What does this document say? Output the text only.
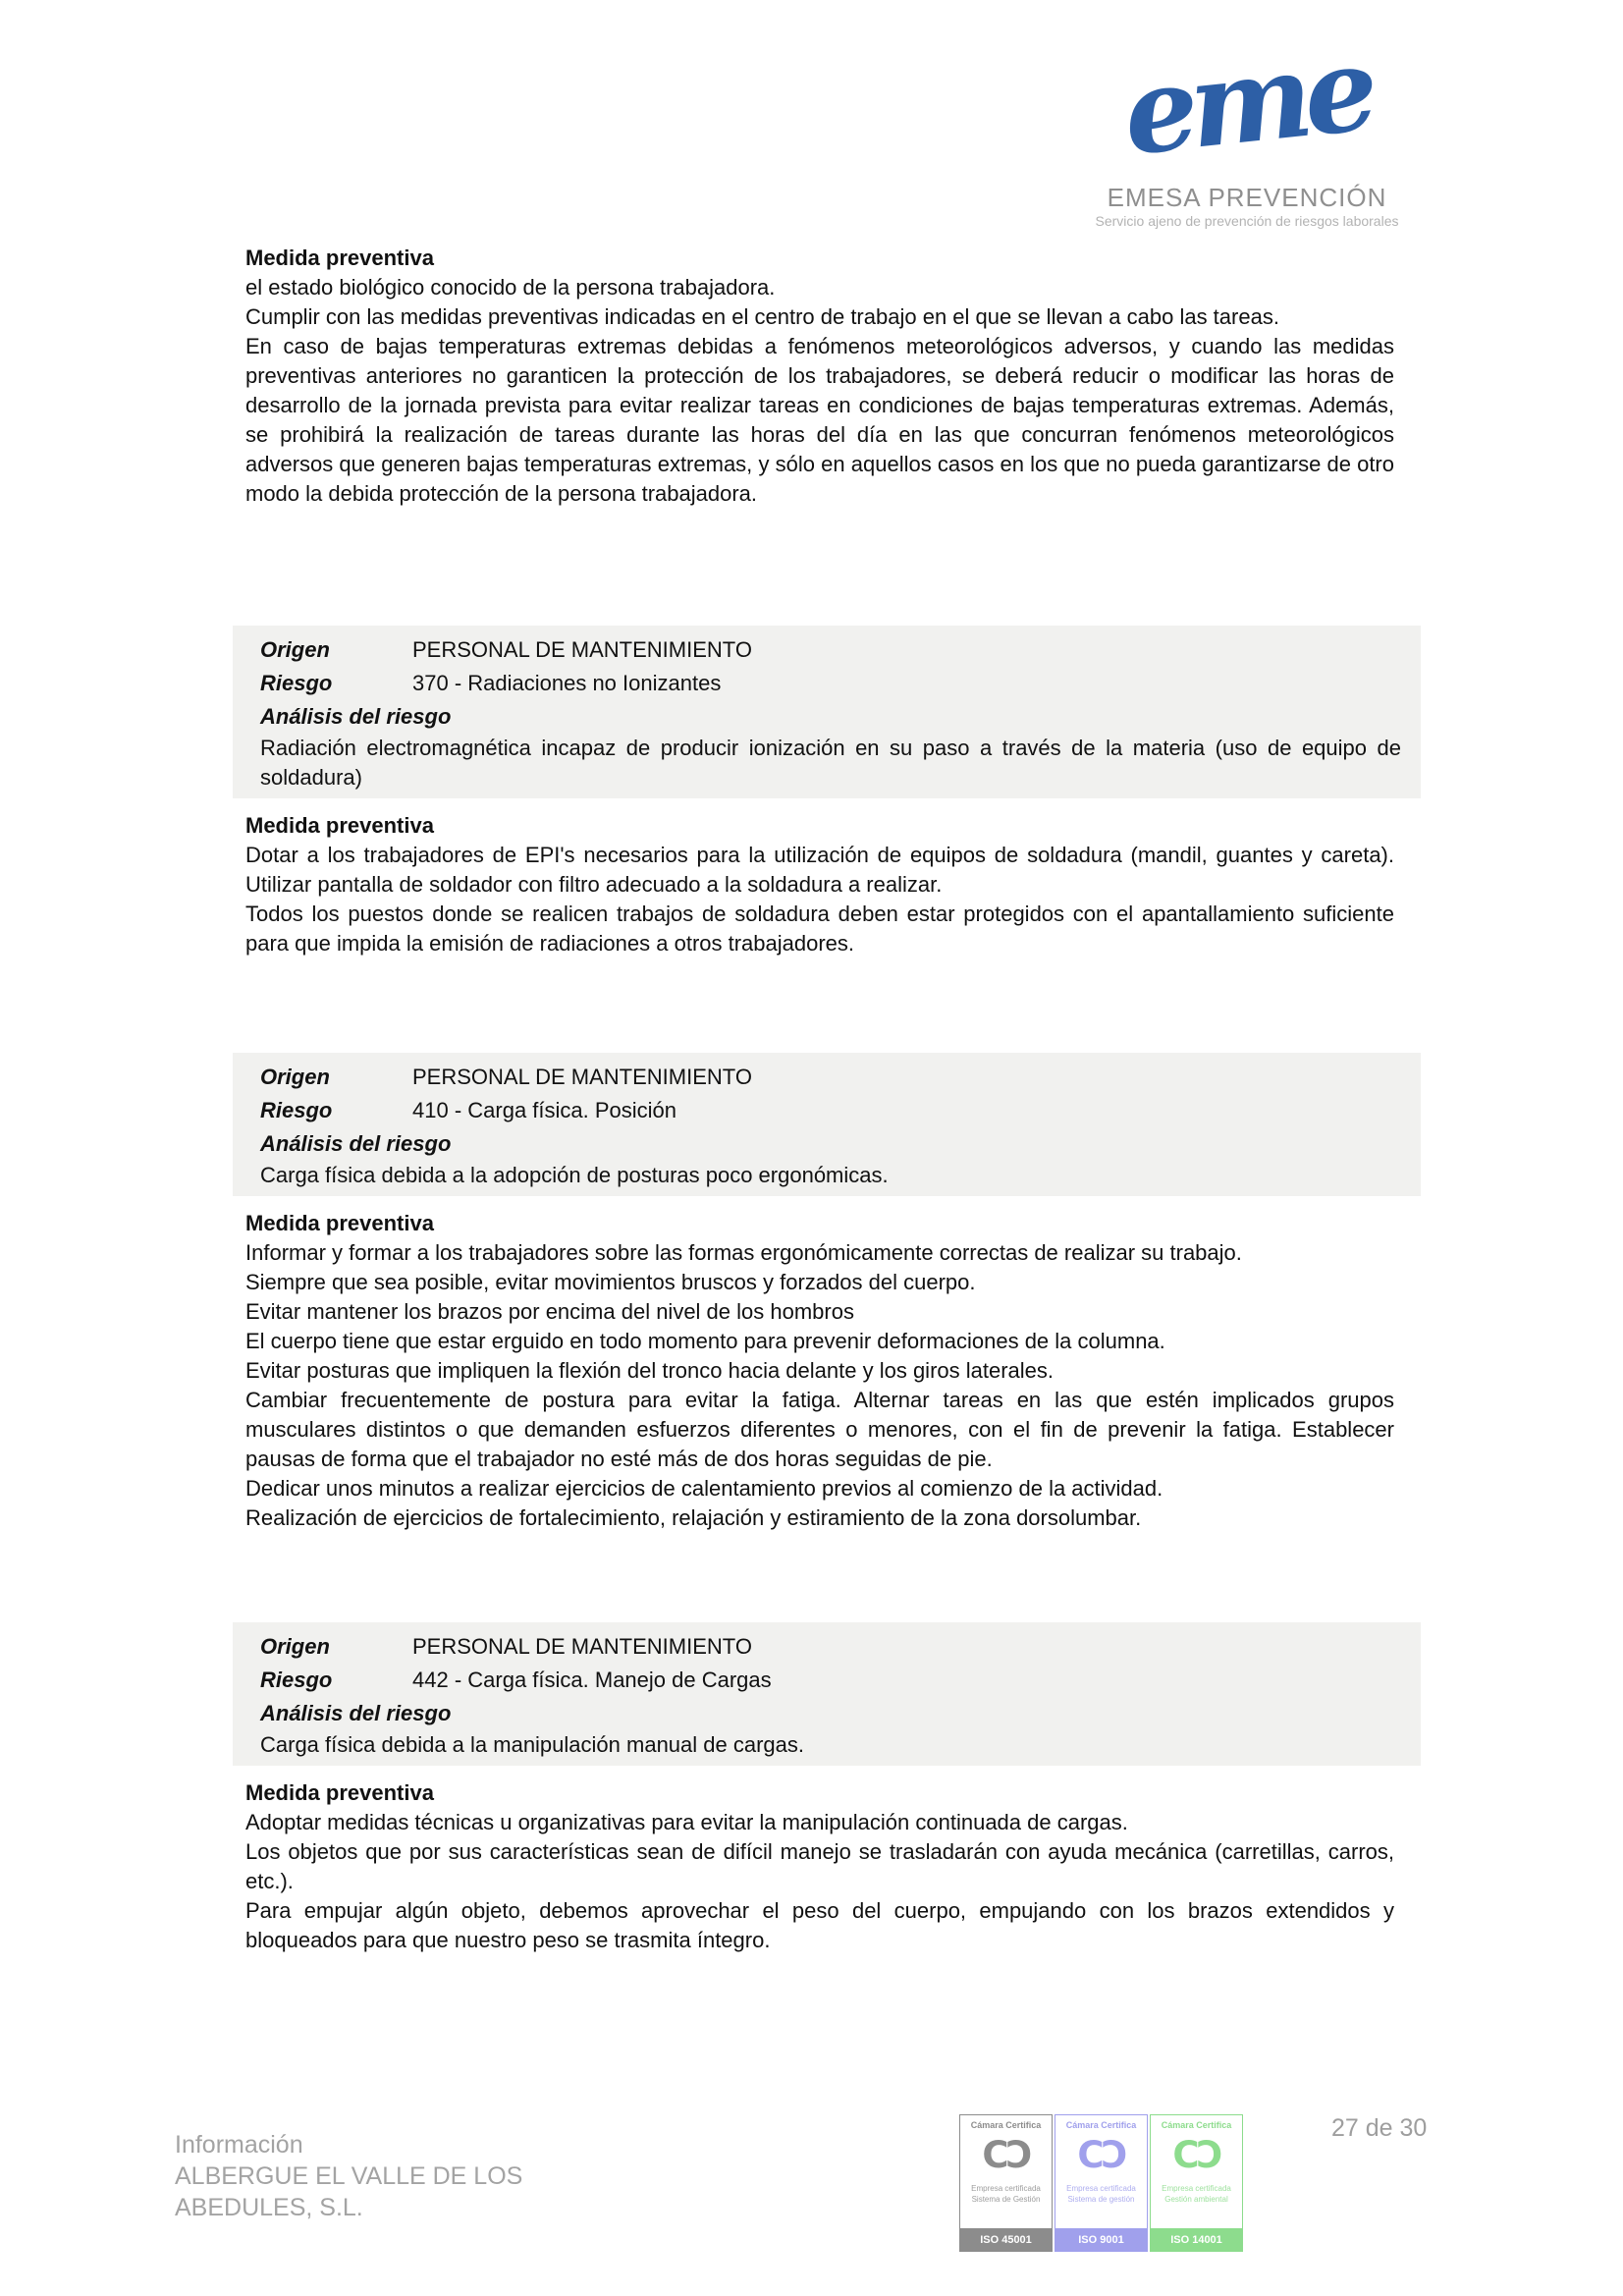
eme
EMESA PREVENCIÓN
Servicio ajeno de prevención de riesgos laborales
Medida preventiva

el estado biológico conocido de la persona trabajadora.

Cumplir con las medidas preventivas indicadas en el centro de trabajo en el que se llevan a cabo las tareas.

En caso de bajas temperaturas extremas debidas a fenómenos meteorológicos adversos, y cuando las medidas preventivas anteriores no garanticen la protección de los trabajadores, se deberá reducir o modificar las horas de desarrollo de la jornada prevista para evitar realizar tareas en condiciones de bajas temperaturas extremas. Además, se prohibirá la realización de tareas durante las horas del día en las que concurran fenómenos meteorológicos adversos que generen bajas temperaturas extremas, y sólo en aquellos casos en los que no pueda garantizarse de otro modo la debida protección de la persona trabajadora.

Origen	PERSONAL DE MANTENIMIENTO
Riesgo	370 - Radiaciones no Ionizantes
Análisis del riesgo

Radiación electromagnética incapaz de producir ionización en su paso a través de la materia (uso de equipo de soldadura)

Medida preventiva

Dotar a los trabajadores de EPI's necesarios para la utilización de equipos de soldadura (mandil, guantes y careta). Utilizar pantalla de soldador con filtro adecuado a la soldadura a realizar.

Todos los puestos donde se realicen trabajos de soldadura deben estar protegidos con el apantallamiento suficiente para que impida la emisión de radiaciones a otros trabajadores.

Origen	PERSONAL DE MANTENIMIENTO
Riesgo	410 - Carga física. Posición
Análisis del riesgo

Carga física debida a la adopción de posturas poco ergonómicas.

Medida preventiva

Informar y formar a los trabajadores sobre las formas ergonómicamente correctas de realizar su trabajo.

Siempre que sea posible, evitar movimientos bruscos y forzados del cuerpo.

Evitar mantener los brazos por encima del nivel de los hombros

El cuerpo tiene que estar erguido en todo momento para prevenir deformaciones de la columna.

Evitar posturas que impliquen la flexión del tronco hacia delante y los giros laterales.

Cambiar frecuentemente de postura para evitar la fatiga. Alternar tareas en las que estén implicados grupos musculares distintos o que demanden esfuerzos diferentes o menores, con el fin de prevenir la fatiga. Establecer pausas de forma que el trabajador no esté más de dos horas seguidas de pie.

Dedicar unos minutos a realizar ejercicios de calentamiento previos al comienzo de la actividad.

Realización de ejercicios de fortalecimiento, relajación y estiramiento de la zona dorsolumbar.

Origen	PERSONAL DE MANTENIMIENTO
Riesgo	442 - Carga física. Manejo de Cargas
Análisis del riesgo

Carga física debida a la manipulación manual de cargas.

Medida preventiva

Adoptar medidas técnicas u organizativas para evitar la manipulación continuada de cargas.

Los objetos que por sus características sean de difícil manejo se trasladarán con ayuda mecánica (carretillas, carros, etc.).

Para empujar algún objeto, debemos aprovechar el peso del cuerpo, empujando con los brazos extendidos y bloqueados para que nuestro peso se trasmita íntegro.

Información
ALBERGUE EL VALLE DE LOS
ABEDULES, S.L.
Cámara Certifica
CƆ
Empresa certificada
Sistema de Gestión
ISO 45001
Cámara Certifica
CƆ
Empresa certificada
Sistema de gestión
ISO 9001
Cámara Certifica
CƆ
Empresa certificada
Gestión ambiental
ISO 14001
27 de 30
